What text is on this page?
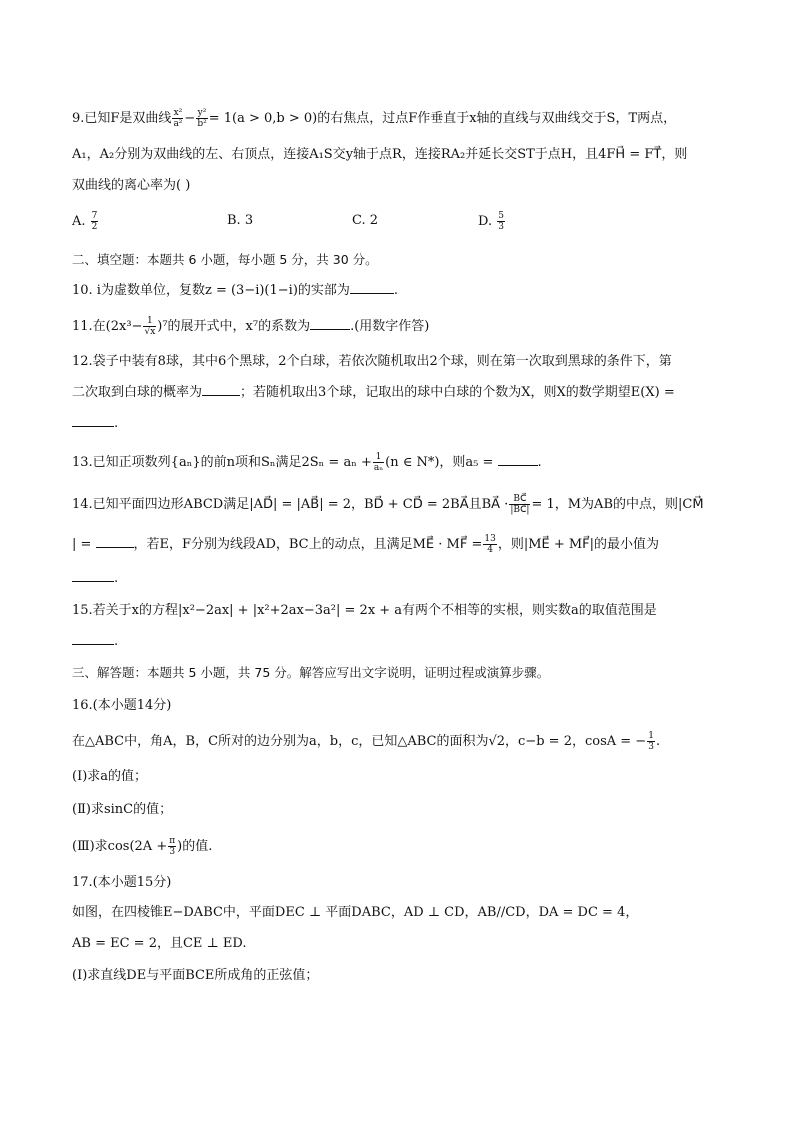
9.已知F是双曲线 $\frac{\text{x²}}{\text{a²}} - \frac{\text{y²}}{\text{b²}} = 1(a > 0,b > 0)$的右焦点，过点F作垂直于x轴的直线与双曲线交于S，T两点，
A₁，A₂分别为双曲线的左、右顶点，连接A₁S交y轴于点R，连接RA₂并延长交ST于点H，且4FH⃗ = FT⃗，则
双曲线的离心率为( )
A. $\frac{7}{2}$	B. 3	C. 2	D. $\frac{5}{3}$
二、填空题：本题共 6 小题，每小题 5 分，共 30 分。
10. i为虚数单位，复数z = (3−i)(1−i)的实部为	.
11.在$(2x^3- \frac{1}{√x} )^7$的展开式中，x⁷的系数为	.(用数字作答)
12.袋子中装有8球，其中6个黑球，2个白球，若依次随机取出2个球，则在第一次取到黑球的条件下，第
二次取到白球的概率为	；若随机取出3个球，记取出的球中白球的个数为X，则X的数学期望E(X) =
.
13.已知正项数列{aₙ}的前n项和Sₙ满足$2S_n = a_n + \frac{1}{\text{aₙ}} (n$ ∈ N*)，则a₅ =	.
14.已知平面四边形ABCD满足|AD⃗| = |AB⃗| = 2，BD⃗ + CD⃗ = 2BA⃗且BA⃗ · $\frac{BC⃗}{|BC⃗|} = 1$，M为AB的中点，则|CM⃗
| =	，若E，F分别为线段AD，BC上的动点，且满足ME⃗ · MF⃗ = $\frac{13}{4}$ ，则|ME⃗ + MF⃗|的最小值为
.
15.若关于x的方程|x²−2ax| + |x²+2ax−3a²| = 2x + a有两个不相等的实根，则实数a的取值范围是
.
三、解答题：本题共 5 小题，共 75 分。解答应写出文字说明，证明过程或演算步骤。
16.(本小题14分)
在△ABC中，角A，B，C所对的边分别为a，b，c，已知△ABC的面积为√2，c−b = 2，cosA = − $\frac{1}{3}$ .
(Ⅰ)求a的值；
(Ⅱ)求sinC的值；
(Ⅲ)求$\cos(2A + \frac{\pi}{3}$ )的值.
17.(本小题15分)
如图，在四棱锥E−DABC中，平面DEC ⊥ 平面DABC，AD ⊥ CD，AB//CD，DA = DC = 4，
AB = EC = 2，且CE ⊥ ED.
(Ⅰ)求直线DE与平面BCE所成角的正弦值；
